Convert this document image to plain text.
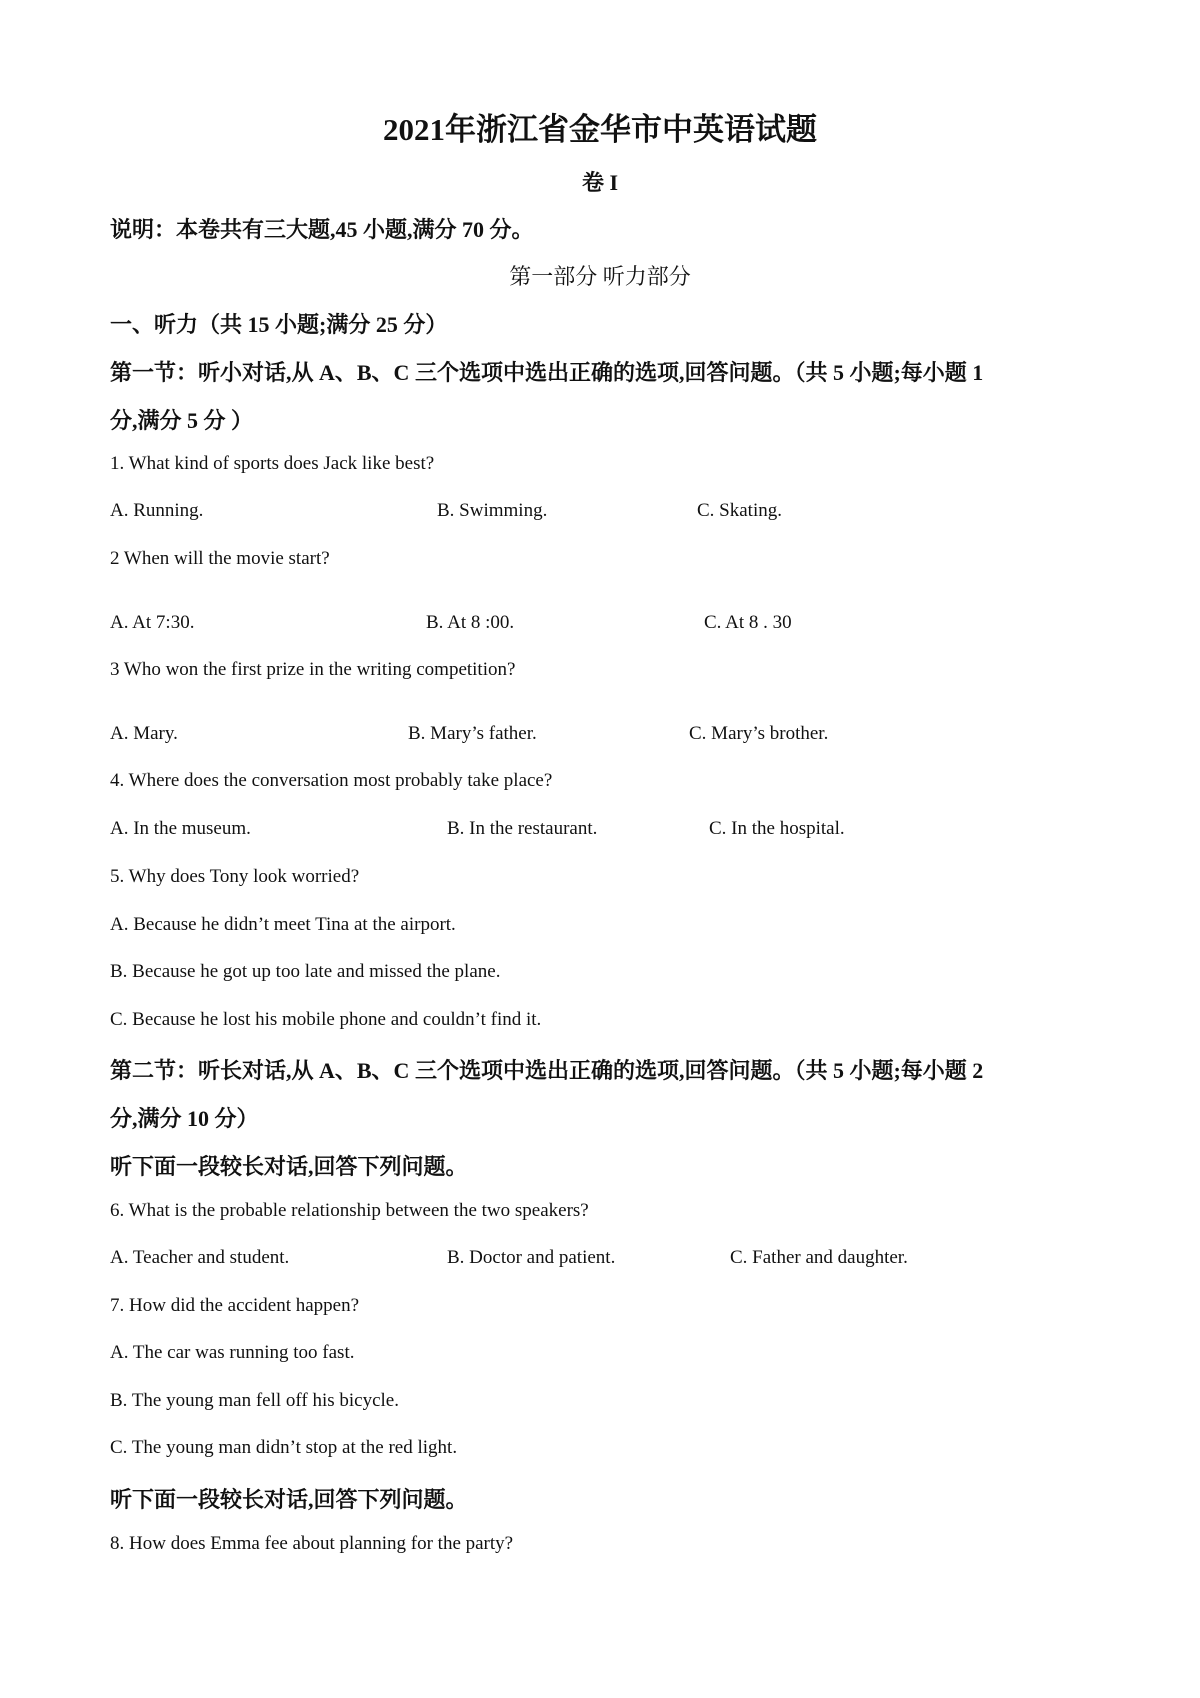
2021年浙江省金华市中英语试题
卷 I
说明：本卷共有三大题,45 小题,满分 70 分。
第一部分 听力部分
一、听力（共 15 小题;满分 25 分）
第一节：听小对话,从 A、B、C 三个选项中选出正确的选项,回答问题。（共 5 小题;每小题 1
分,满分 5 分 ）
1. What kind of sports does Jack like best?
A. Running.	B. Swimming.	C. Skating.
2 When will the movie start?
A. At 7:30.	B. At 8 :00.	C. At 8 . 30
3 Who won the first prize in the writing competition?
A. Mary.	B. Mary’s father.	C. Mary’s brother.
4. Where does the conversation most probably take place?
A. In the museum.	B. In the restaurant.	C. In the hospital.
5. Why does Tony look worried?
A. Because he didn’t meet Tina at the airport.
B. Because he got up too late and missed the plane.
C. Because he lost his mobile phone and couldn’t find it.
第二节：听长对话,从 A、B、C 三个选项中选出正确的选项,回答问题。（共 5 小题;每小题 2
分,满分 10 分）
听下面一段较长对话,回答下列问题。
6. What is the probable relationship between the two speakers?
A. Teacher and student.	B. Doctor and patient.	C. Father and daughter.
7. How did the accident happen?
A. The car was running too fast.
B. The young man fell off his bicycle.
C. The young man didn’t stop at the red light.
听下面一段较长对话,回答下列问题。
8. How does Emma fee about planning for the party?
